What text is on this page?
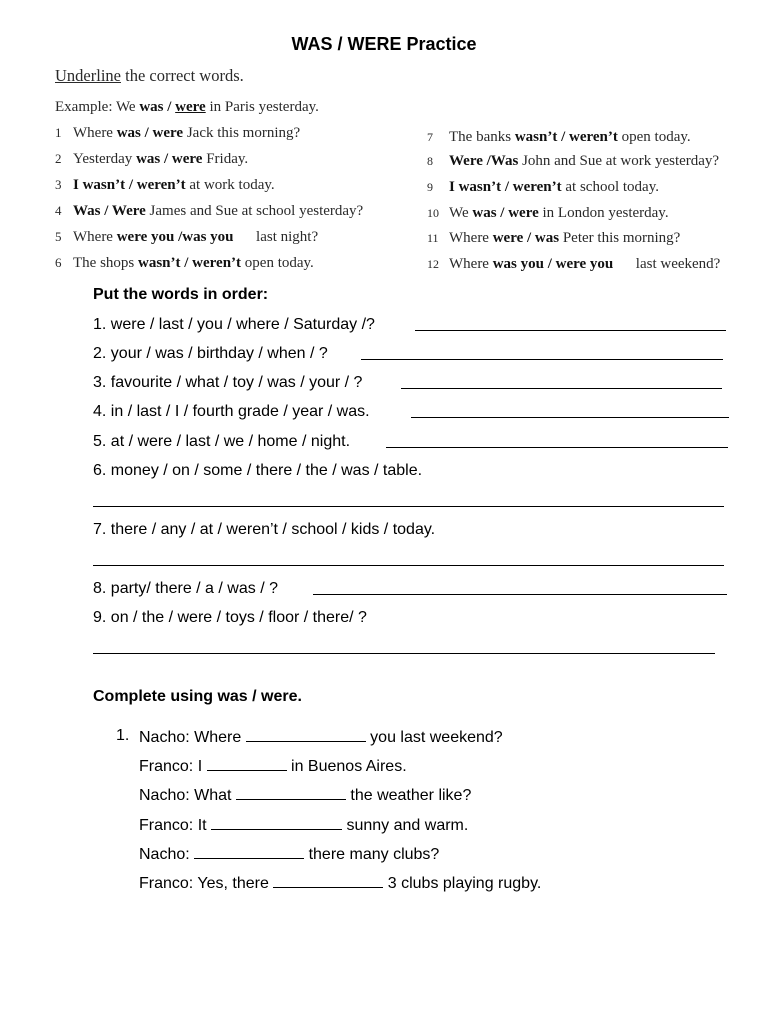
WAS / WERE Practice
Underline the correct words.
Example: We was / were in Paris yesterday.
1 Where was / were Jack this morning?
2 Yesterday was / were Friday.
3 I wasn’t / weren’t at work today.
4 Was / Were James and Sue at school yesterday?
5 Where were you /was you      last night?
6 The shops wasn’t / weren’t open today.
7 The banks wasn’t / weren’t open today.
8 Were /Was John and Sue at work yesterday?
9 I wasn’t / weren’t at school today.
10 We was / were in London yesterday.
11 Where were / was Peter this morning?
12 Where was you / were you      last weekend?
Put the words in order:
1. were / last / you / where / Saturday /?
2. your / was / birthday / when / ?
3. favourite / what / toy / was / your / ?
4. in / last / I / fourth grade / year / was.
5. at / were / last / we / home / night.
6. money / on / some / there / the / was / table.
7. there / any / at / weren’t / school / kids / today.
8. party/ there / a / was / ?
9. on / the / were / toys / floor / there/ ?
Complete using was / were.
1. Nacho: Where	you last weekend?
Franco: I	in Buenos Aires.
Nacho: What	the weather like?
Franco: It	sunny and warm.
Nacho:	there many clubs?
Franco: Yes, there	3 clubs playing rugby.
